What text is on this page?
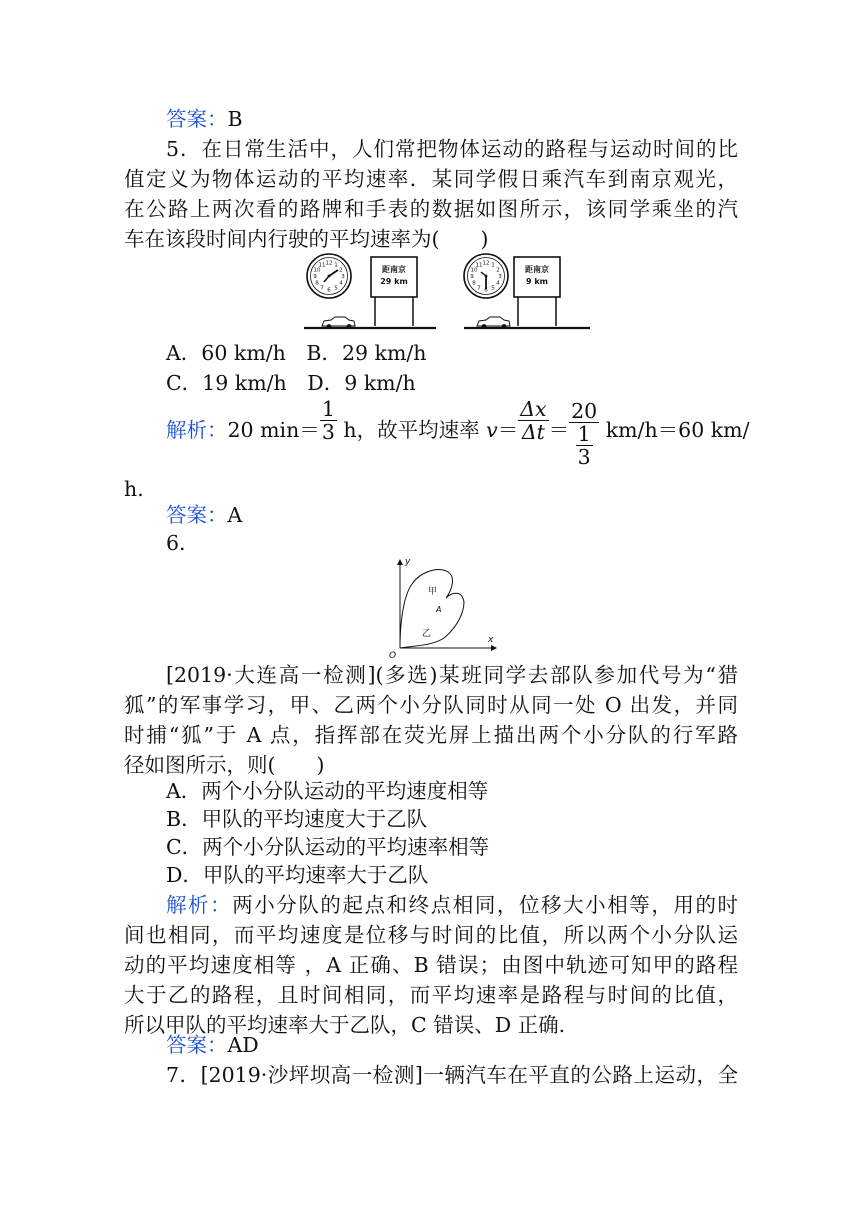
答案：B
5．在日常生活中，人们常把物体运动的路程与运动时间的比
值定义为物体运动的平均速率．某同学假日乘汽车到南京观光，
在公路上两次看的路牌和手表的数据如图所示，该同学乘坐的汽
车在该段时间内行驶的平均速率为(　　)
12 1
2
3
4
5
6
7
8
9
10
11	距南京
29 km
12 1
2
3
4
5
6
7
8
9
10
11	距南京
9 km
A．60 km/h　B．29 km/h
C．19 km/h　D．9 km/h
解析：20 $\min= \frac{1}{3}$ h，故平均速率 $v= \frac{\Delta x}{\Delta t} = \frac{20}{\frac{1}{3}} km/h=60$ km/
h.
答案：A
6.
y
x
O
甲
A
乙
[2019·大连高一检测](多选)某班同学去部队参加代号为“猎
狐”的军事学习，甲、乙两个小分队同时从同一处 O 出发，并同
时捕“狐”于 A 点，指挥部在荧光屏上描出两个小分队的行军路
径如图所示，则(　　)
A．两个小分队运动的平均速度相等
B．甲队的平均速度大于乙队
C．两个小分队运动的平均速率相等
D．甲队的平均速率大于乙队
解析：两小分队的起点和终点相同，位移大小相等，用的时
间也相同，而平均速度是位移与时间的比值，所以两个小分队运
动的平均速度相等 ，A 正确、B 错误；由图中轨迹可知甲的路程
大于乙的路程，且时间相同，而平均速率是路程与时间的比值，
所以甲队的平均速率大于乙队，C 错误、D 正确.
答案：AD
7．[2019·沙坪坝高一检测]一辆汽车在平直的公路上运动，全
